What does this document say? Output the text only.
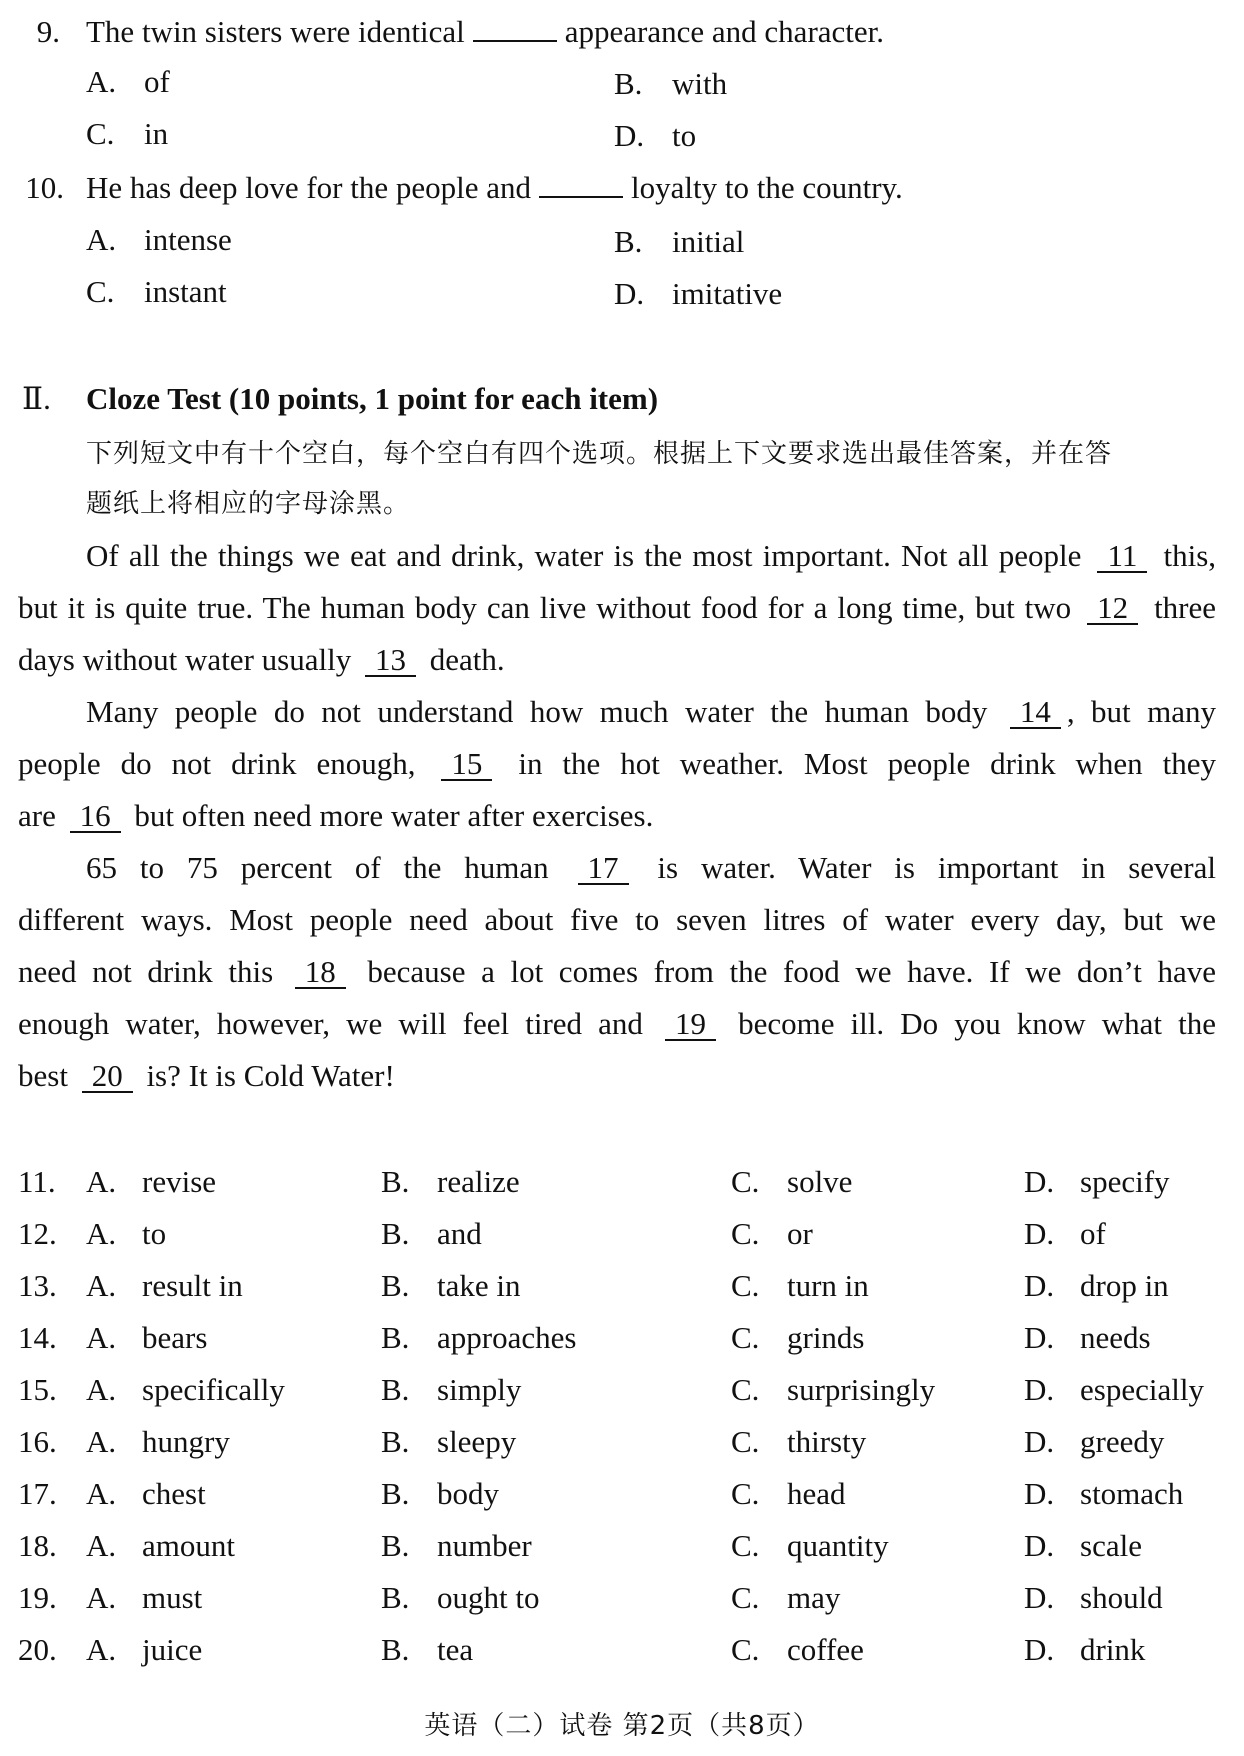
9. The twin sisters were identical	appearance and character.
A. of	B. with
C. in	D. to
10. He has deep love for the people and	loyalty to the country.
A. intense	B. initial
C. instant	D. imitative
Ⅱ. Cloze Test (10 points, 1 point for each item)
下列短文中有十个空白，每个空白有四个选项。根据上下文要求选出最佳答案，并在答
题纸上将相应的字母涂黑。
Of all the things we eat and drink, water is the most important. Not all people 11 this,
but it is quite true. The human body can live without food for a long time, but two 12 three
days without water usually 13 death.
Many people do not understand how much water the human body 14 , but many
people do not drink enough, 15 in the hot weather. Most people drink when they
are 16 but often need more water after exercises.
65 to 75 percent of the human 17 is water. Water is important in several
different ways. Most people need about five to seven litres of water every day, but we
need not drink this 18 because a lot comes from the food we have. If we don’t have
enough water, however, we will feel tired and 19 become ill. Do you know what the
best 20 is? It is Cold Water!
11. A. revise	B. realize	C. solve	D. specify
12. A. to	B. and	C. or	D. of
13. A. result in	B. take in	C. turn in	D. drop in
14. A. bears	B. approaches	C. grinds	D. needs
15. A. specifically	B. simply	C. surprisingly	D. especially
16. A. hungry	B. sleepy	C. thirsty	D. greedy
17. A. chest	B. body	C. head	D. stomach
18. A. amount	B. number	C. quantity	D. scale
19. A. must	B. ought to	C. may	D. should
20. A. juice	B. tea	C. coffee	D. drink
英语（二）试卷 第2页（共8页）
